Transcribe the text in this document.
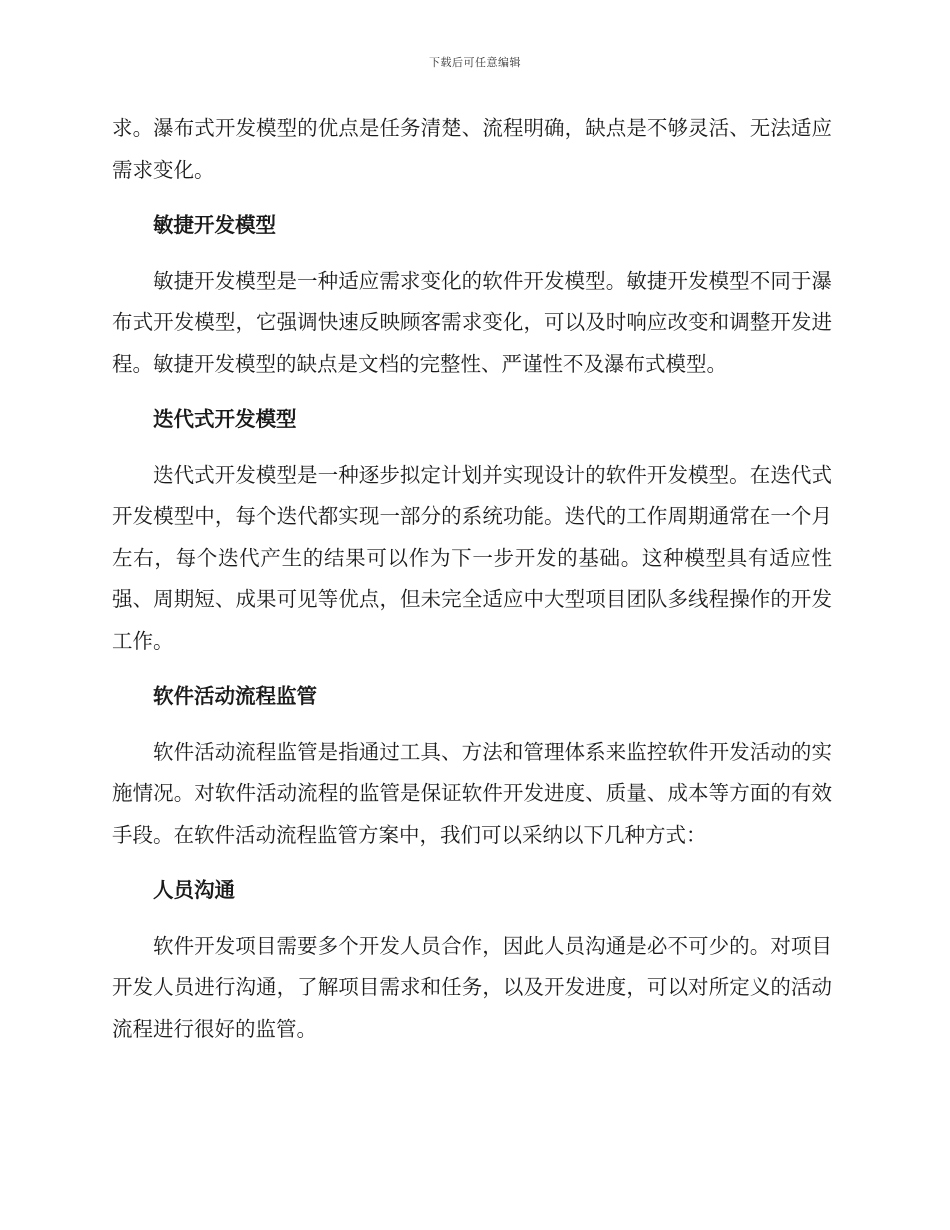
下载后可任意编辑

求。瀑布式开发模型的优点是任务清楚、流程明确，缺点是不够灵活、无法适应需求变化。

敏捷开发模型

敏捷开发模型是一种适应需求变化的软件开发模型。敏捷开发模型不同于瀑布式开发模型，它强调快速反映顾客需求变化，可以及时响应改变和调整开发进程。敏捷开发模型的缺点是文档的完整性、严谨性不及瀑布式模型。

迭代式开发模型

迭代式开发模型是一种逐步拟定计划并实现设计的软件开发模型。在迭代式开发模型中，每个迭代都实现一部分的系统功能。迭代的工作周期通常在一个月左右，每个迭代产生的结果可以作为下一步开发的基础。这种模型具有适应性强、周期短、成果可见等优点，但未完全适应中大型项目团队多线程操作的开发工作。

软件活动流程监管

软件活动流程监管是指通过工具、方法和管理体系来监控软件开发活动的实施情况。对软件活动流程的监管是保证软件开发进度、质量、成本等方面的有效手段。在软件活动流程监管方案中，我们可以采纳以下几种方式：

人员沟通

软件开发项目需要多个开发人员合作，因此人员沟通是必不可少的。对项目开发人员进行沟通，了解项目需求和任务，以及开发进度，可以对所定义的活动流程进行很好的监管。
